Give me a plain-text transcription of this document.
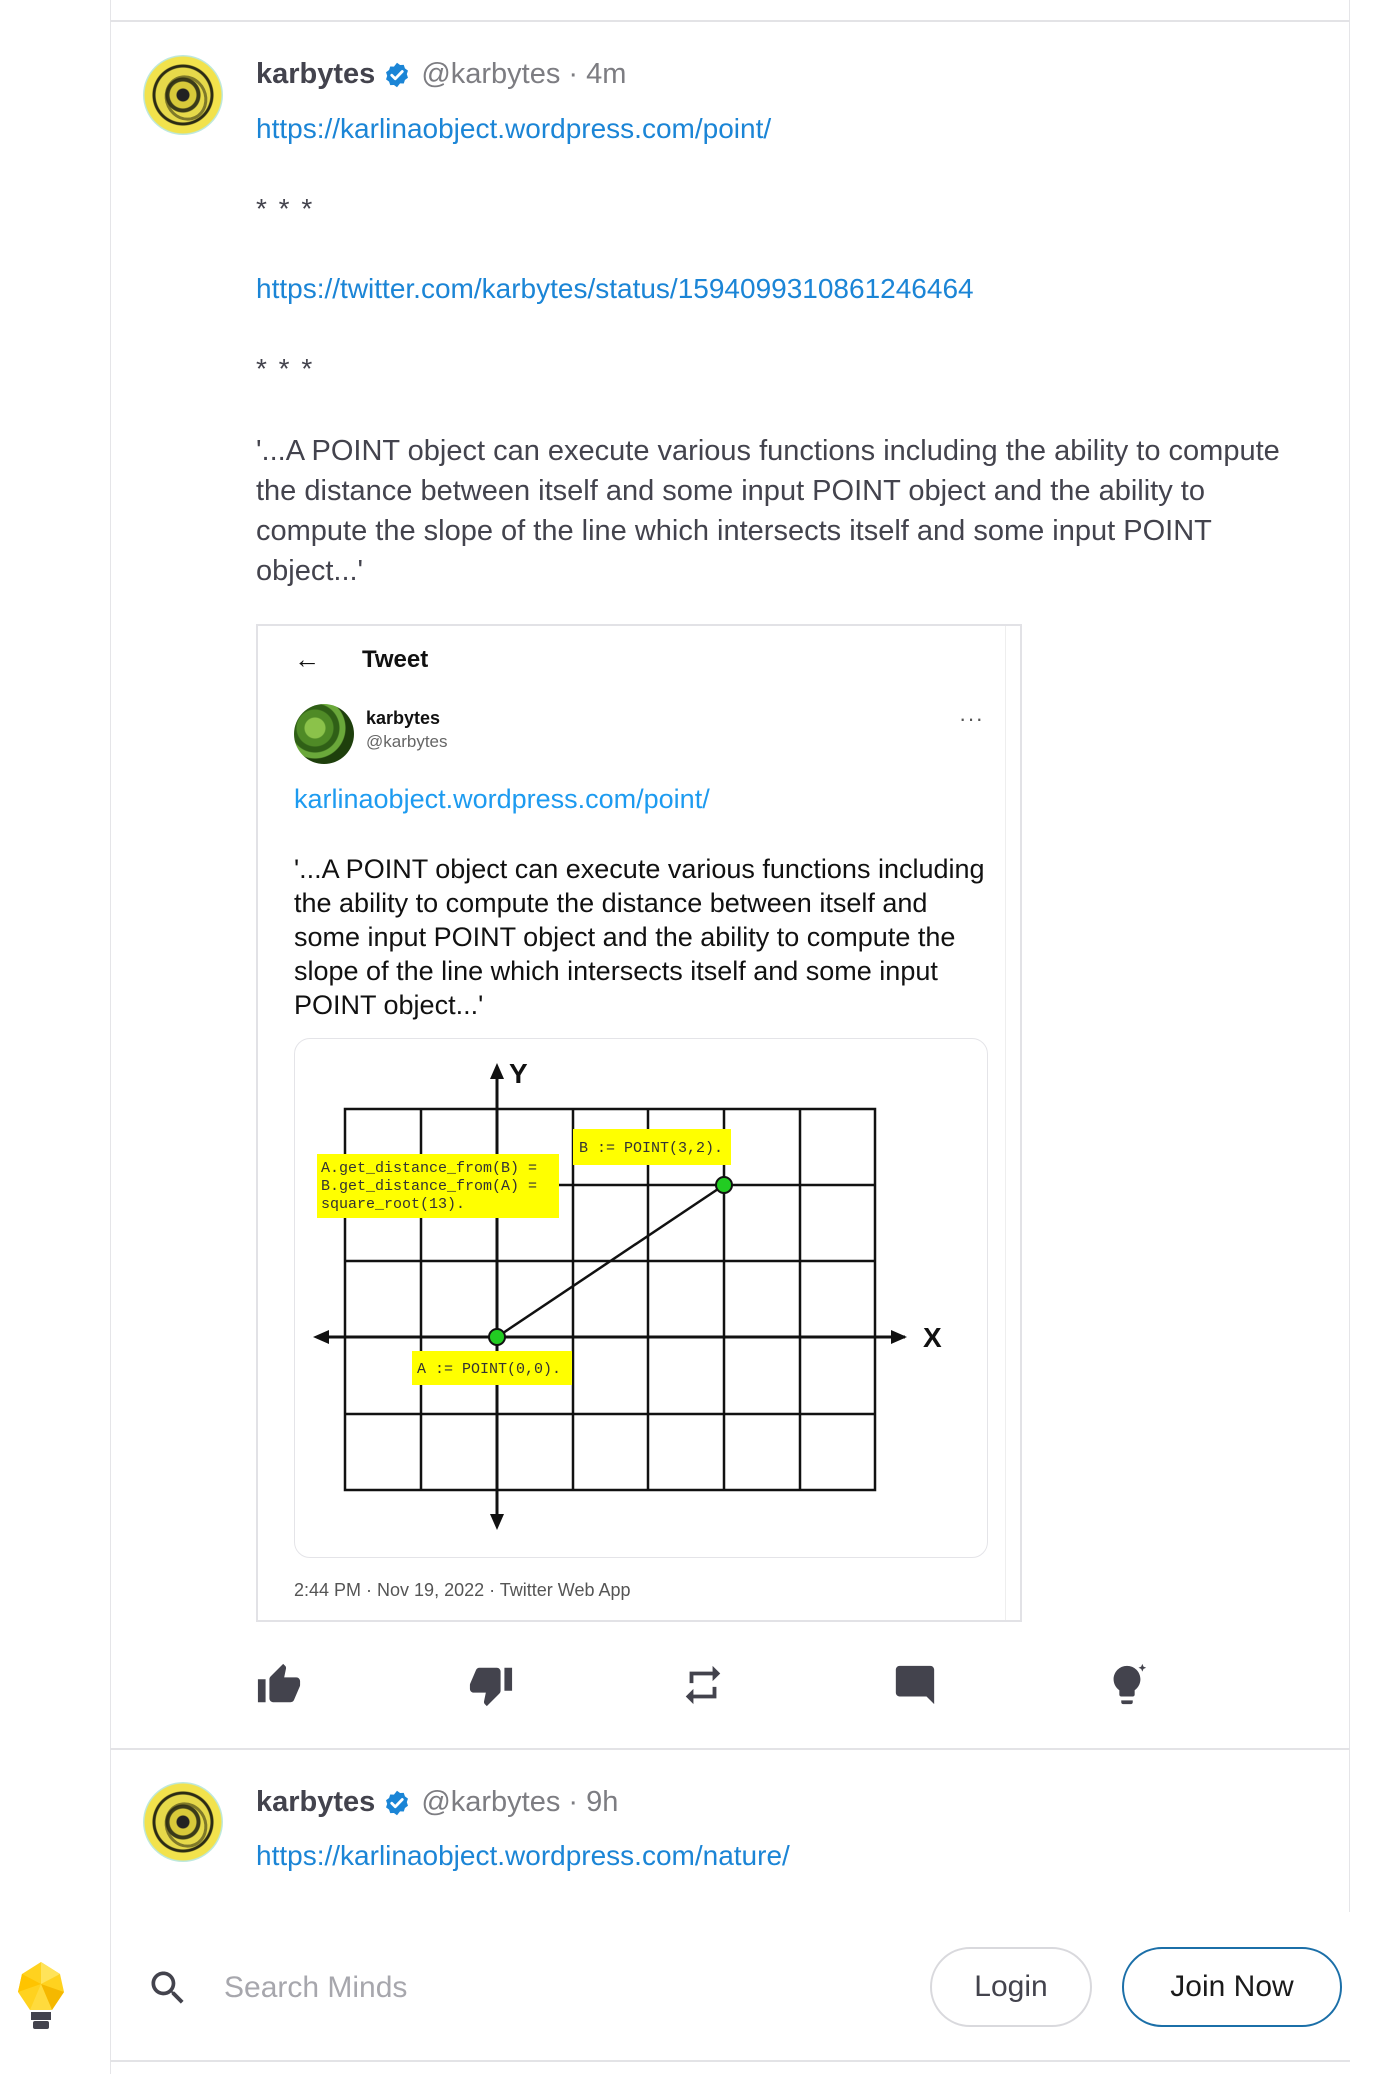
karbytes @karbytes · 4m
https://karlinaobject.wordpress.com/point/
* * *
https://twitter.com/karbytes/status/1594099310861246464
* * *
'...A POINT object can execute various functions including the ability to compute the distance between itself and some input POINT object and the ability to compute the slope of the line which intersects itself and some input POINT object...'
← Tweet
karbytes
@karbytes
···
karlinaobject.wordpress.com/point/
'...A POINT object can execute various functions including the ability to compute the distance between itself and some input POINT object and the ability to compute the slope of the line which intersects itself and some input POINT object...'
X
Y
A.get_distance_from(B) =
B.get_distance_from(A) =
square_root(13).
B := POINT(3,2).
A := POINT(0,0).
2:44 PM · Nov 19, 2022 · Twitter Web App
karbytes @karbytes · 9h
https://karlinaobject.wordpress.com/nature/
Search Minds
Login	Join Now
